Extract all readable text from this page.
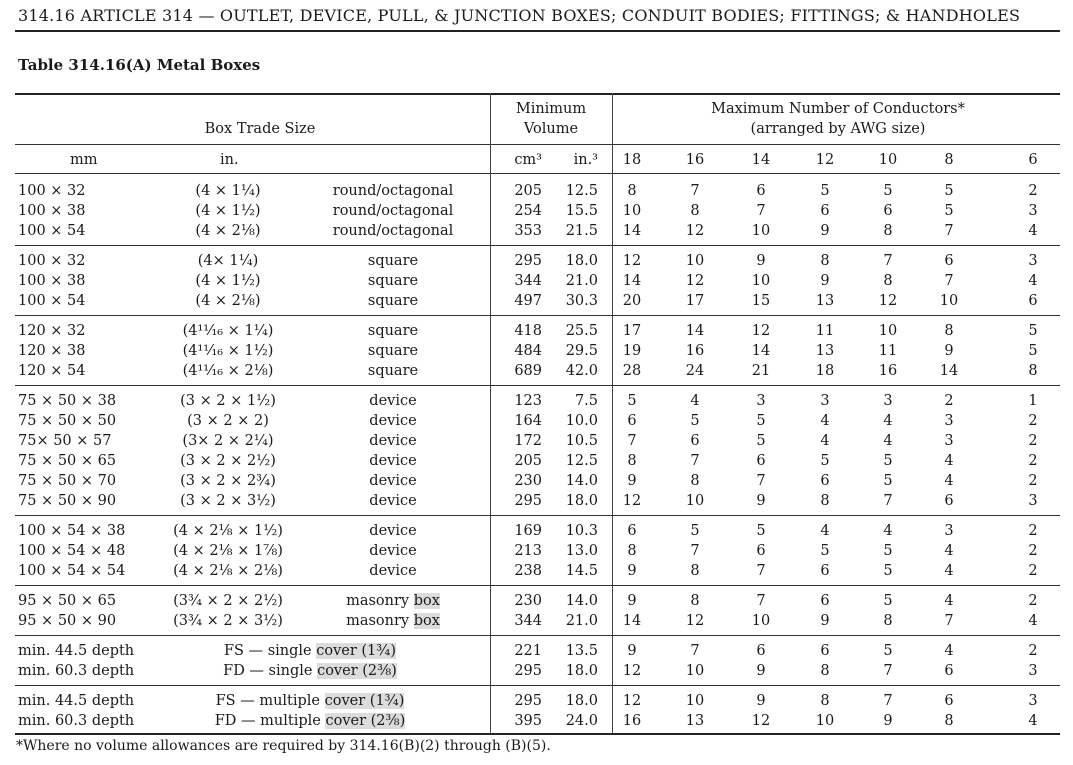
314.16 ARTICLE 314 — OUTLET, DEVICE, PULL, & JUNCTION BOXES; CONDUIT BODIES; FITTINGS; & HANDHOLES
Table 314.16(A) Metal Boxes
Box Trade Size
Minimum
Volume
Maximum Number of Conductors*
(arranged by AWG size)
mm	in.	cm³	in.³	18	16	14	12	10	8	6
100 × 32	(4 × 1¼)	round/octagonal	205	12.5	8	7	6	5	5	5	2
100 × 38	(4 × 1½)	round/octagonal	254	15.5	10	8	7	6	6	5	3
100 × 54	(4 × 2⅛)	round/octagonal	353	21.5	14	12	10	9	8	7	4
100 × 32	(4× 1¼)	square	295	18.0	12	10	9	8	7	6	3
100 × 38	(4 × 1½)	square	344	21.0	14	12	10	9	8	7	4
100 × 54	(4 × 2⅛)	square	497	30.3	20	17	15	13	12	10	6
120 × 32	(4¹¹⁄₁₆ × 1¼)	square	418	25.5	17	14	12	11	10	8	5
120 × 38	(4¹¹⁄₁₆ × 1½)	square	484	29.5	19	16	14	13	11	9	5
120 × 54	(4¹¹⁄₁₆ × 2⅛)	square	689	42.0	28	24	21	18	16	14	8
75 × 50 × 38	(3 × 2 × 1½)	device	123	7.5	5	4	3	3	3	2	1
75 × 50 × 50	(3 × 2 × 2)	device	164	10.0	6	5	5	4	4	3	2
75× 50 × 57	(3× 2 × 2¼)	device	172	10.5	7	6	5	4	4	3	2
75 × 50 × 65	(3 × 2 × 2½)	device	205	12.5	8	7	6	5	5	4	2
75 × 50 × 70	(3 × 2 × 2¾)	device	230	14.0	9	8	7	6	5	4	2
75 × 50 × 90	(3 × 2 × 3½)	device	295	18.0	12	10	9	8	7	6	3
100 × 54 × 38	(4 × 2⅛ × 1½)	device	169	10.3	6	5	5	4	4	3	2
100 × 54 × 48	(4 × 2⅛ × 1⅞)	device	213	13.0	8	7	6	5	5	4	2
100 × 54 × 54	(4 × 2⅛ × 2⅛)	device	238	14.5	9	8	7	6	5	4	2
95 × 50 × 65	(3¾ × 2 × 2½)	masonry box	230	14.0	9	8	7	6	5	4	2
95 × 50 × 90	(3¾ × 2 × 3½)	masonry box	344	21.0	14	12	10	9	8	7	4
min. 44.5 depth	FS — single cover (1¾)	221	13.5	9	7	6	6	5	4	2
min. 60.3 depth	FD — single cover (2⅜)	295	18.0	12	10	9	8	7	6	3
min. 44.5 depth	FS — multiple cover (1¾)	295	18.0	12	10	9	8	7	6	3
min. 60.3 depth	FD — multiple cover (2⅜)	395	24.0	16	13	12	10	9	8	4
*Where no volume allowances are required by 314.16(B)(2) through (B)(5).
